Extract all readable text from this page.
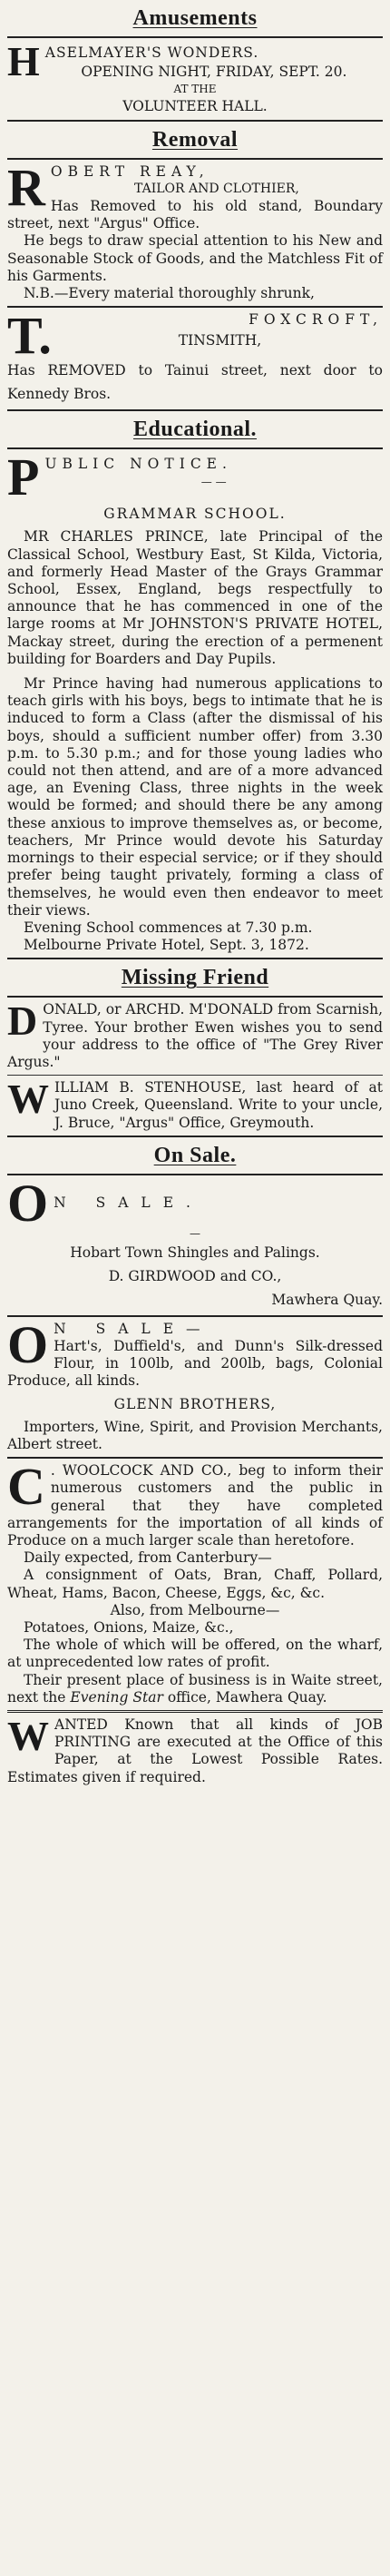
Amusements
H ASELMAYER'S WONDERS.

OPENING NIGHT, FRIDAY, SEPT. 20.

AT THE

VOLUNTEER HALL.

Removal
R OBERT REAY,

TAILOR AND CLOTHIER,

Has Removed to his old stand, Boundary street, next "Argus" Office.

He begs to draw special attention to his New and Seasonable Stock of Goods, and the Matchless Fit of his Garments.

N.B.—Every material thoroughly shrunk,

T.	FOXCROFT,

TINSMITH,

Has REMOVED to Tainui street, next door to Kennedy Bros.

Educational.
P UBLIC NOTICE.

— —

GRAMMAR SCHOOL.

MR CHARLES PRINCE, late Principal of the Classical School, Westbury East, St Kilda, Victoria, and formerly Head Master of the Grays Grammar School, Essex, England, begs respectfully to announce that he has commenced in one of the large rooms at Mr JOHNSTON'S PRIVATE HOTEL, Mackay street, during the erection of a permenent building for Boarders and Day Pupils.

Mr Prince having had numerous applications to teach girls with his boys, begs to intimate that he is induced to form a Class (after the dismissal of his boys, should a sufficient number offer) from 3.30 p.m. to 5.30 p.m.; and for those young ladies who could not then attend, and are of a more advanced age, an Evening Class, three nights in the week would be formed; and should there be any among these anxious to improve themselves as, or become, teachers, Mr Prince would devote his Saturday mornings to their especial service; or if they should prefer being taught privately, forming a class of themselves, he would even then endeavor to meet their views.

Evening School commences at 7.30 p.m.

Melbourne Private Hotel, Sept. 3, 1872.

Missing Friend
D ONALD, or ARCHD. M'DONALD from Scarnish, Tyree. Your brother Ewen wishes you to send your address to the office of "The Grey River Argus."

W ILLIAM B. STENHOUSE, last heard of at Juno Creek, Queensland. Write to your uncle, J. Bruce, "Argus" Office, Greymouth.

On Sale.
O N SALE.

—

Hobart Town Shingles and Palings.

D. GIRDWOOD and CO.,

Mawhera Quay.

O N SALE—

Hart's, Duffield's, and Dunn's Silk-dressed Flour, in 100lb, and 200lb, bags, Colonial Produce, all kinds.

GLENN BROTHERS,

Importers, Wine, Spirit, and Provision Merchants, Albert street.

C . WOOLCOCK AND CO., beg to inform their numerous customers and the public in general that they have completed arrangements for the importation of all kinds of Produce on a much larger scale than heretofore.

Daily expected, from Canterbury—

A consignment of Oats, Bran, Chaff, Pollard, Wheat, Hams, Bacon, Cheese, Eggs, &c, &c.

Also, from Melbourne—

Potatoes, Onions, Maize, &c.,

The whole of which will be offered, on the wharf, at unprecedented low rates of profit.

Their present place of business is in Waite street, next the Evening Star office, Mawhera Quay.

W ANTED Known that all kinds of JOB PRINTING are executed at the Office of this Paper, at the Lowest Possible Rates. Estimates given if required.
